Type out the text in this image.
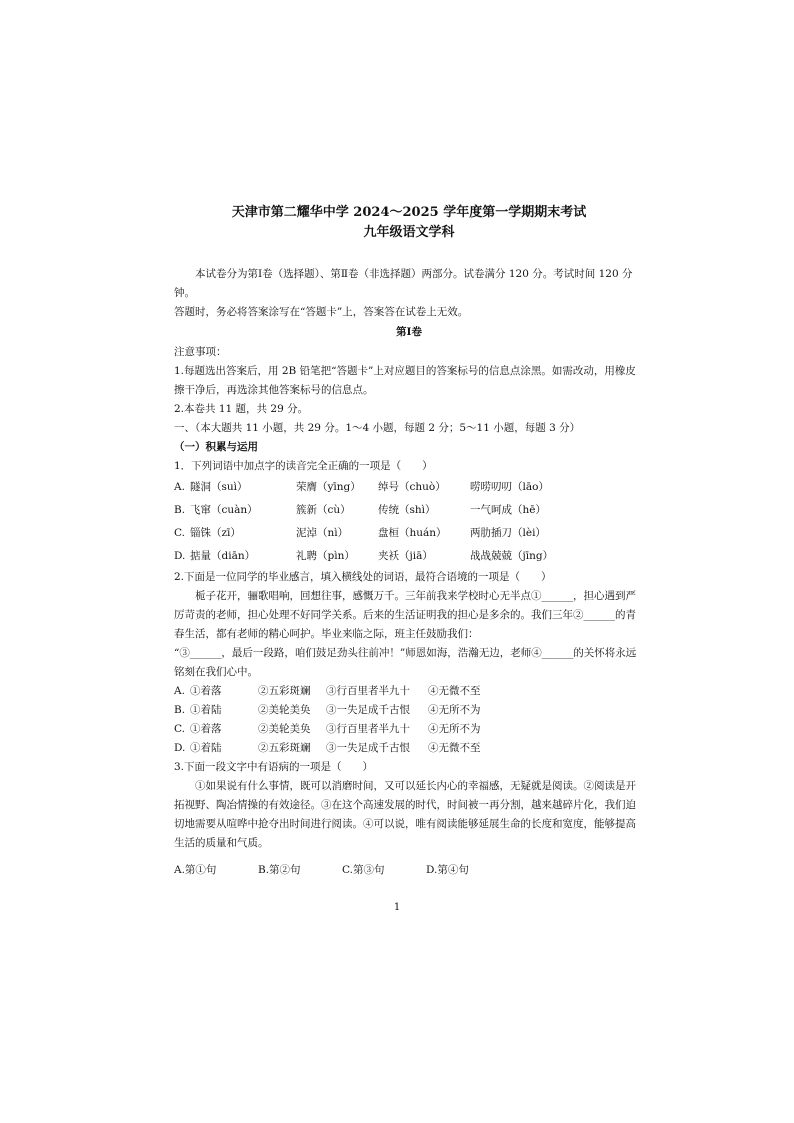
天津市第二耀华中学 2024～2025 学年度第一学期期末考试
九年级语文学科

本试卷分为第Ⅰ卷（选择题）、第Ⅱ卷（非选择题）两部分。试卷满分 120 分。考试时间 120 分钟。

答题时，务必将答案涂写在“答题卡”上，答案答在试卷上无效。

第Ⅰ卷

注意事项：

1.每题选出答案后，用 2B 铅笔把“答题卡”上对应题目的答案标号的信息点涂黑。如需改动，用橡皮擦干净后，再选涂其他答案标号的信息点。

2.本卷共 11 题，共 29 分。

一、（本大题共 11 小题，共 29 分。1～4 小题，每题 2 分；5～11 小题，每题 3 分）

（一）积累与运用

1．下列词语中加点字的读音完全正确的一项是（　　）

A. 隧洞（suì）	荣膺（yīng）	绰号（chuò）	唠唠叨叨（lāo）
B. 飞窜（cuàn）	簇新（cù）	传统（shì）	一气呵成（hē）
C. 锱铢（zī）	泥淖（nì）	盘桓（huán）	两肋插刀（lèi）
D. 掂量（diān）	礼聘（pìn）	夹袄（jiā）	战战兢兢（jīng）

2.下面是一位同学的毕业感言，填入横线处的词语，最符合语境的一项是（　　）

栀子花开，骊歌唱响，回想往事，感慨万千。三年前我来学校时心无半点①______，担心遇到严厉苛责的老师，担心处理不好同学关系。后来的生活证明我的担心是多余的。我们三年②______的青春生活，都有老师的精心呵护。毕业来临之际，班主任鼓励我们：

“③______，最后一段路，咱们鼓足劲头往前冲！”师恩如海，浩瀚无边，老师④______的关怀将永远铭刻在我们心中。

A. ①着落	②五彩斑斓	③行百里者半九十	④无微不至
B. ①着陆	②美轮美奂	③一失足成千古恨	④无所不为
C. ①着落	②美轮美奂	③行百里者半九十	④无所不为
D. ①着陆	②五彩斑斓	③一失足成千古恨	④无微不至

3.下面一段文字中有语病的一项是（　　）

①如果说有什么事情，既可以消磨时间，又可以延长内心的幸福感，无疑就是阅读。②阅读是开拓视野、陶冶情操的有效途径。③在这个高速发展的时代，时间被一再分割，越来越碎片化，我们迫切地需要从喧哗中抢夺出时间进行阅读。④可以说，唯有阅读能够延展生命的长度和宽度，能够提高生活的质量和气质。

A.第①句	B.第②句	C.第③句	D.第④句
1
